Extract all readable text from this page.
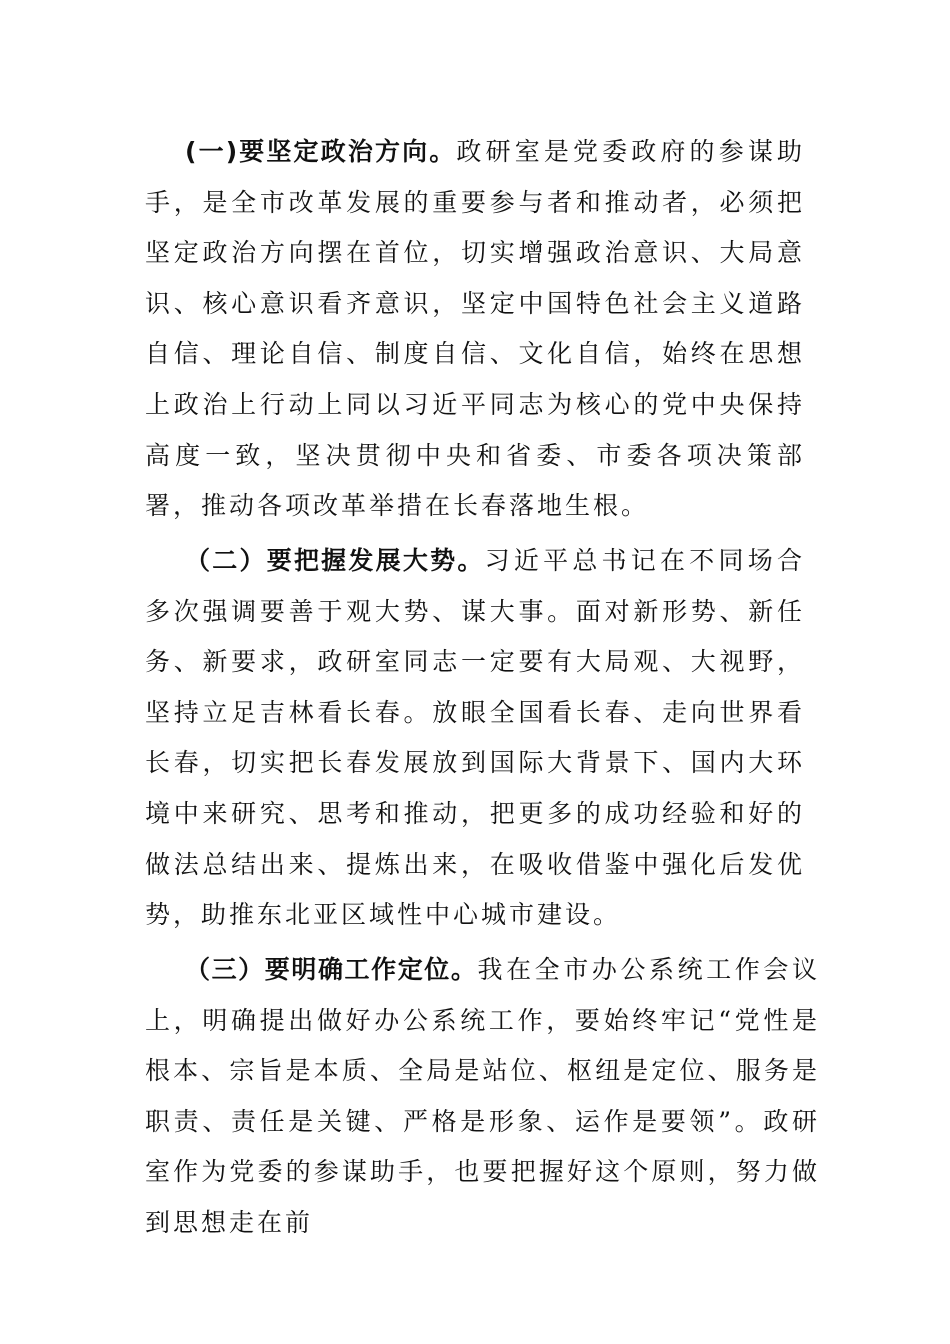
(一)要坚定政治方向。政研室是党委政府的参谋助手，是全市改革发展的重要参与者和推动者，必须把坚定政治方向摆在首位，切实增强政治意识、大局意识、核心意识看齐意识，坚定中国特色社会主义道路自信、理论自信、制度自信、文化自信，始终在思想上政治上行动上同以习近平同志为核心的党中央保持高度一致，坚决贯彻中央和省委、市委各项决策部署，推动各项改革举措在长春落地生根。

（二）要把握发展大势。习近平总书记在不同场合多次强调要善于观大势、谋大事。面对新形势、新任务、新要求，政研室同志一定要有大局观、大视野，坚持立足吉林看长春。放眼全国看长春、走向世界看长春，切实把长春发展放到国际大背景下、国内大环境中来研究、思考和推动，把更多的成功经验和好的做法总结出来、提炼出来，在吸收借鉴中强化后发优势，助推东北亚区域性中心城市建设。

（三）要明确工作定位。我在全市办公系统工作会议上，明确提出做好办公系统工作，要始终牢记“党性是根本、宗旨是本质、全局是站位、枢纽是定位、服务是职责、责任是关键、严格是形象、运作是要领”。政研室作为党委的参谋助手，也要把握好这个原则，努力做到思想走在前
